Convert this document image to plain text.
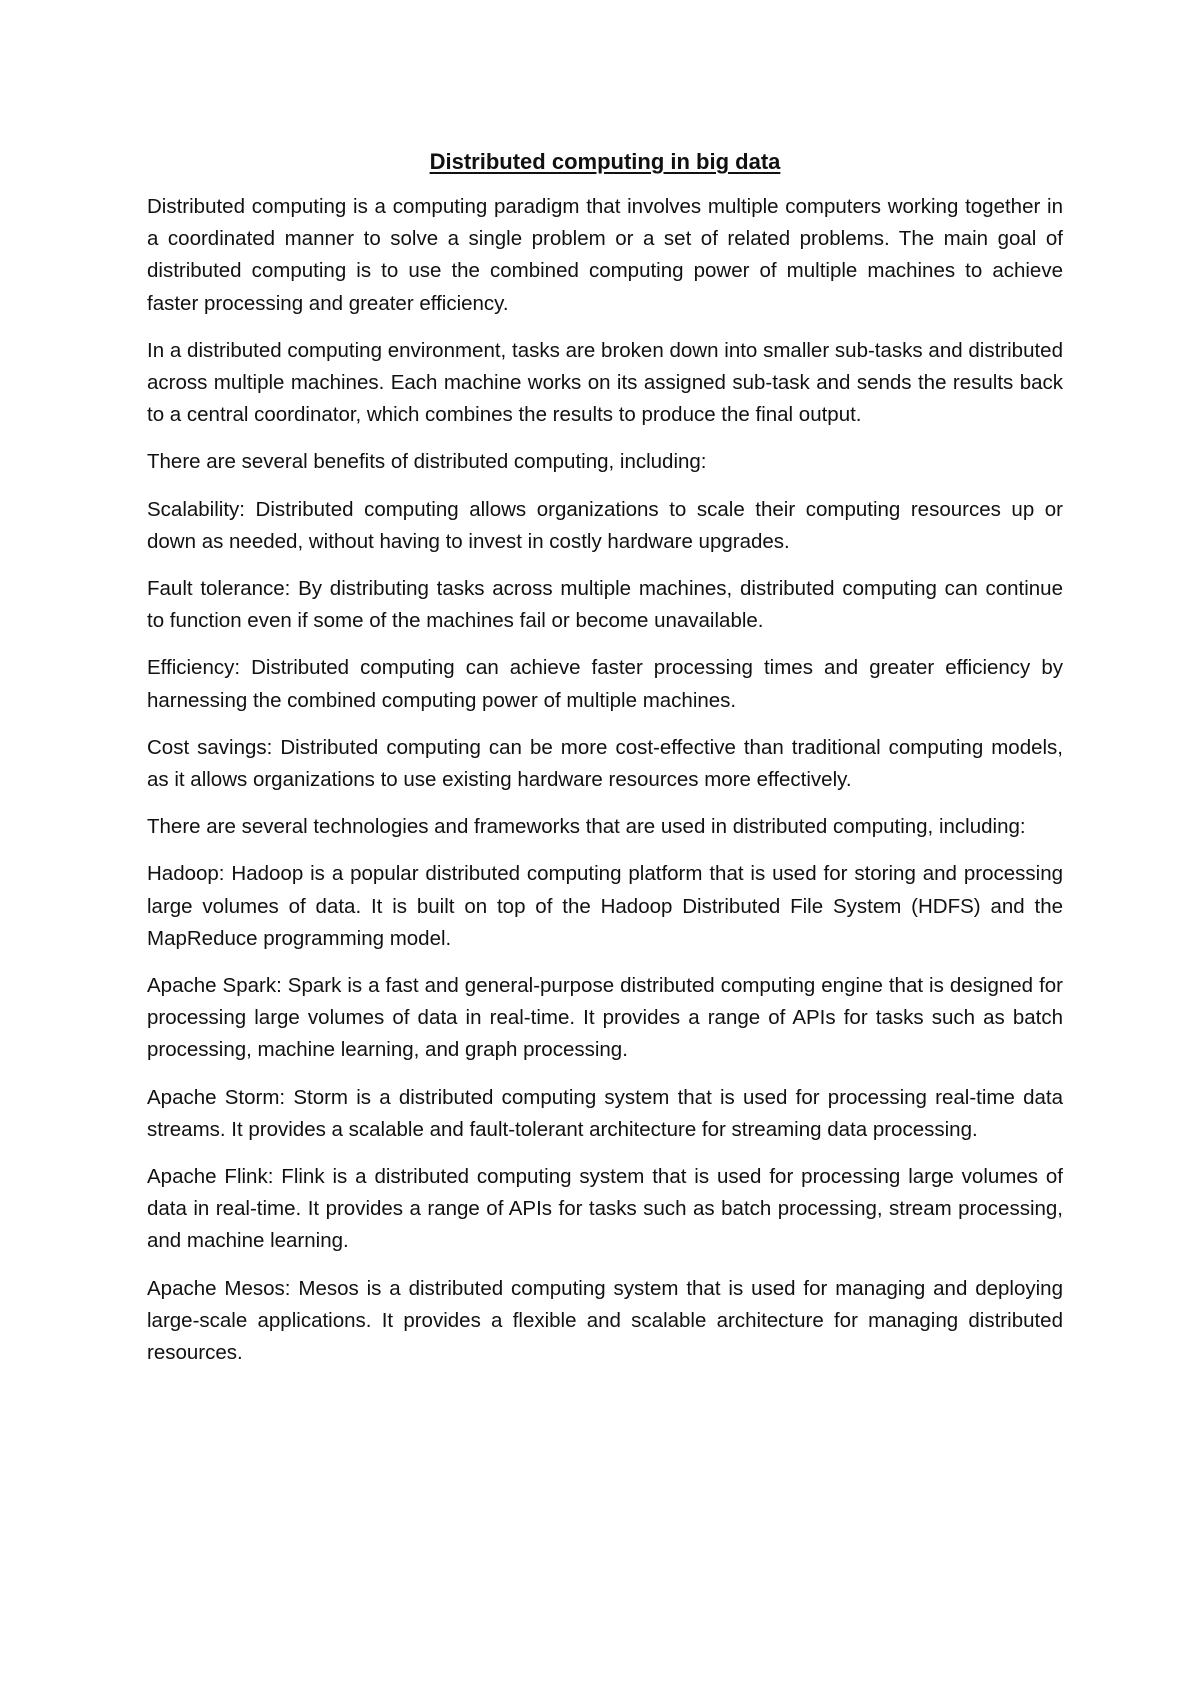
Distributed computing in big data

Distributed computing is a computing paradigm that involves multiple computers working together in a coordinated manner to solve a single problem or a set of related problems. The main goal of distributed computing is to use the combined computing power of multiple machines to achieve faster processing and greater efficiency.

In a distributed computing environment, tasks are broken down into smaller sub-tasks and distributed across multiple machines. Each machine works on its assigned sub-task and sends the results back to a central coordinator, which combines the results to produce the final output.

There are several benefits of distributed computing, including:

Scalability: Distributed computing allows organizations to scale their computing resources up or down as needed, without having to invest in costly hardware upgrades.

Fault tolerance: By distributing tasks across multiple machines, distributed computing can continue to function even if some of the machines fail or become unavailable.

Efficiency: Distributed computing can achieve faster processing times and greater efficiency by harnessing the combined computing power of multiple machines.

Cost savings: Distributed computing can be more cost-effective than traditional computing models, as it allows organizations to use existing hardware resources more effectively.

There are several technologies and frameworks that are used in distributed computing, including:

Hadoop: Hadoop is a popular distributed computing platform that is used for storing and processing large volumes of data. It is built on top of the Hadoop Distributed File System (HDFS) and the MapReduce programming model.

Apache Spark: Spark is a fast and general-purpose distributed computing engine that is designed for processing large volumes of data in real-time. It provides a range of APIs for tasks such as batch processing, machine learning, and graph processing.

Apache Storm: Storm is a distributed computing system that is used for processing real-time data streams. It provides a scalable and fault-tolerant architecture for streaming data processing.

Apache Flink: Flink is a distributed computing system that is used for processing large volumes of data in real-time. It provides a range of APIs for tasks such as batch processing, stream processing, and machine learning.

Apache Mesos: Mesos is a distributed computing system that is used for managing and deploying large-scale applications. It provides a flexible and scalable architecture for managing distributed resources.
